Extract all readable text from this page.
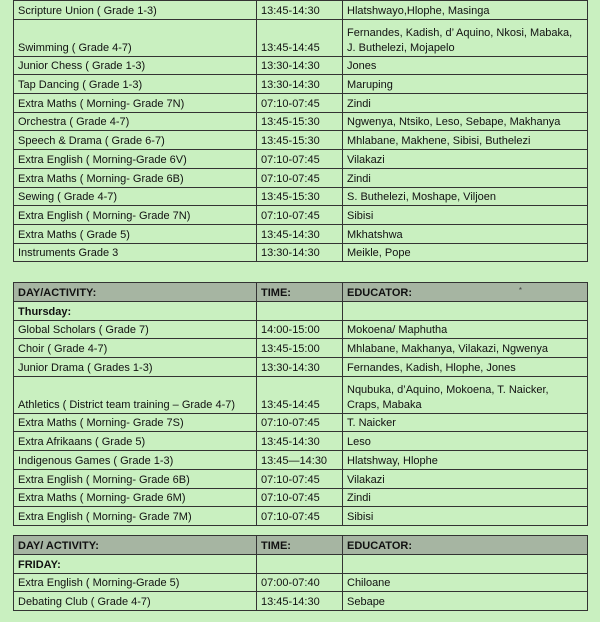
Scripture Union ( Grade 1-3)	13:45-14:30	Hlatshwayo,Hlophe, Masinga
Swimming ( Grade 4-7)	13:45-14:45	Fernandes, Kadish, d’ Aquino, Nkosi, Mabaka, J. Buthelezi, Mojapelo
Junior Chess ( Grade 1-3)	13:30-14:30	Jones
Tap Dancing ( Grade 1-3)	13:30-14:30	Maruping
Extra Maths ( Morning- Grade 7N)	07:10-07:45	Zindi
Orchestra ( Grade 4-7)	13:45-15:30	Ngwenya, Ntsiko, Leso, Sebape, Makhanya
Speech & Drama ( Grade 6-7)	13:45-15:30	Mhlabane, Makhene, Sibisi, Buthelezi
Extra English ( Morning-Grade 6V)	07:10-07:45	Vilakazi
Extra Maths ( Morning- Grade 6B)	07:10-07:45	Zindi
Sewing ( Grade 4-7)	13:45-15:30	S. Buthelezi, Moshape, Viljoen
Extra English ( Morning- Grade 7N)	07:10-07:45	Sibisi
Extra Maths ( Grade 5)	13:45-14:30	Mkhatshwa
Instruments Grade 3	13:30-14:30	Meikle, Pope
DAY/ACTIVITY:	TIME:	EDUCATOR:
Thursday:		
Global Scholars ( Grade 7)	14:00-15:00	Mokoena/ Maphutha
Choir ( Grade 4-7)	13:45-15:00	Mhlabane, Makhanya, Vilakazi, Ngwenya
Junior Drama ( Grades 1-3)	13:30-14:30	Fernandes, Kadish, Hlophe, Jones
Athletics ( District team training – Grade 4-7)	13:45-14:45	Nqubuka, d’Aquino, Mokoena, T. Naicker, Craps, Mabaka
Extra Maths ( Morning- Grade 7S)	07:10-07:45	T. Naicker
Extra Afrikaans ( Grade 5)	13:45-14:30	Leso
Indigenous Games ( Grade 1-3)	13:45—14:30	Hlatshway, Hlophe
Extra English ( Morning- Grade 6B)	07:10-07:45	Vilakazi
Extra Maths ( Morning- Grade 6M)	07:10-07:45	Zindi
Extra English ( Morning- Grade 7M)	07:10-07:45	Sibisi
*
DAY/ ACTIVITY:	TIME:	EDUCATOR:
FRIDAY:		
Extra English ( Morning-Grade 5)	07:00-07:40	Chiloane
Debating Club ( Grade 4-7)	13:45-14:30	Sebape
